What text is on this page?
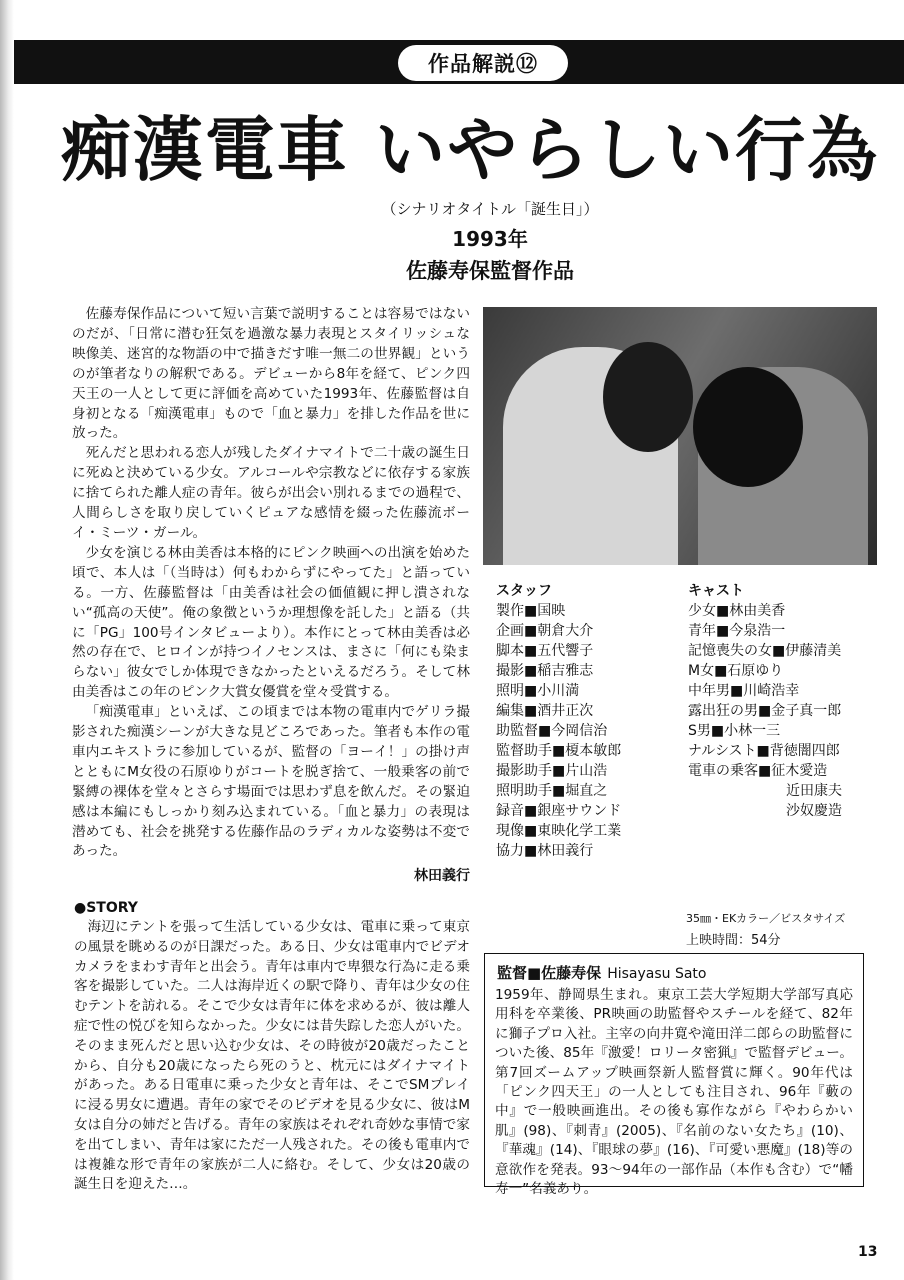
作品解説⑫
痴漢電車 いやらしい行為
（シナリオタイトル「誕生日」）
1993年
佐藤寿保監督作品

佐藤寿保作品について短い言葉で説明することは容易ではないのだが、「日常に潜む狂気を過激な暴力表現とスタイリッシュな映像美、迷宮的な物語の中で描きだす唯一無二の世界観」というのが筆者なりの解釈である。デビューから8年を経て、ピンク四天王の一人として更に評価を高めていた1993年、佐藤監督は自身初となる「痴漢電車」もので「血と暴力」を排した作品を世に放った。

死んだと思われる恋人が残したダイナマイトで二十歳の誕生日に死ぬと決めている少女。アルコールや宗教などに依存する家族に捨てられた離人症の青年。彼らが出会い別れるまでの過程で、人間らしさを取り戻していくピュアな感情を綴った佐藤流ボーイ・ミーツ・ガール。

少女を演じる林由美香は本格的にピンク映画への出演を始めた頃で、本人は「（当時は）何もわからずにやってた」と語っている。一方、佐藤監督は「由美香は社会の価値観に押し潰されない“孤高の天使”。俺の象徴というか理想像を託した」と語る（共に「PG」100号インタビューより）。本作にとって林由美香は必然の存在で、ヒロインが持つイノセンスは、まさに「何にも染まらない」彼女でしか体現できなかったといえるだろう。そして林由美香はこの年のピンク大賞女優賞を堂々受賞する。

「痴漢電車」といえば、この頃までは本物の電車内でゲリラ撮影された痴漢シーンが大きな見どころであった。筆者も本作の電車内エキストラに参加しているが、監督の「ヨーイ！」の掛け声とともにM女役の石原ゆりがコートを脱ぎ捨て、一般乗客の前で緊縛の裸体を堂々とさらす場面では思わず息を飲んだ。その緊迫感は本編にもしっかり刻み込まれている。「血と暴力」の表現は潜めても、社会を挑発する佐藤作品のラディカルな姿勢は不変であった。

林田義行
スタッフ
製作■国映
企画■朝倉大介
脚本■五代響子
撮影■稲吉雅志
照明■小川満
編集■酒井正次
助監督■今岡信治
監督助手■榎本敏郎
撮影助手■片山浩
照明助手■堀直之
録音■銀座サウンド
現像■東映化学工業
協力■林田義行
キャスト
少女■林由美香
青年■今泉浩一
記憶喪失の女■伊藤清美
M女■石原ゆり
中年男■川崎浩幸
露出狂の男■金子真一郎
S男■小林一三
ナルシスト■背徳闇四郎
電車の乗客■征木愛造
近田康夫
沙奴慶造
●STORY

海辺にテントを張って生活している少女は、電車に乗って東京の風景を眺めるのが日課だった。ある日、少女は電車内でビデオカメラをまわす青年と出会う。青年は車内で卑猥な行為に走る乗客を撮影していた。二人は海岸近くの駅で降り、青年は少女の住むテントを訪れる。そこで少女は青年に体を求めるが、彼は離人症で性の悦びを知らなかった。少女には昔失踪した恋人がいた。そのまま死んだと思い込む少女は、その時彼が20歳だったことから、自分も20歳になったら死のうと、枕元にはダイナマイトがあった。ある日電車に乗った少女と青年は、そこでSMプレイに浸る男女に遭遇。青年の家でそのビデオを見る少女に、彼はM女は自分の姉だと告げる。青年の家族はそれぞれ奇妙な事情で家を出てしまい、青年は家にただ一人残された。その後も電車内では複雑な形で青年の家族が二人に絡む。そして、少女は20歳の誕生日を迎えた…。

35㎜・EKカラー／ビスタサイズ
上映時間：54分
監督■佐藤寿保 Hisayasu Sato
1959年、静岡県生まれ。東京工芸大学短期大学部写真応用科を卒業後、PR映画の助監督やスチールを経て、82年に獅子プロ入社。主宰の向井寛や滝田洋二郎らの助監督についた後、85年『激愛！ロリータ密猟』で監督デビュー。第7回ズームアップ映画祭新人監督賞に輝く。90年代は「ピンク四天王」の一人としても注目され、96年『藪の中』で一般映画進出。その後も寡作ながら『やわらかい肌』(98)、『刺青』(2005)、『名前のない女たち』(10)、『華魂』(14)、『眼球の夢』(16)、『可愛い悪魔』(18)等の意欲作を発表。93〜94年の一部作品（本作も含む）で“幡寿一”名義あり。
13
